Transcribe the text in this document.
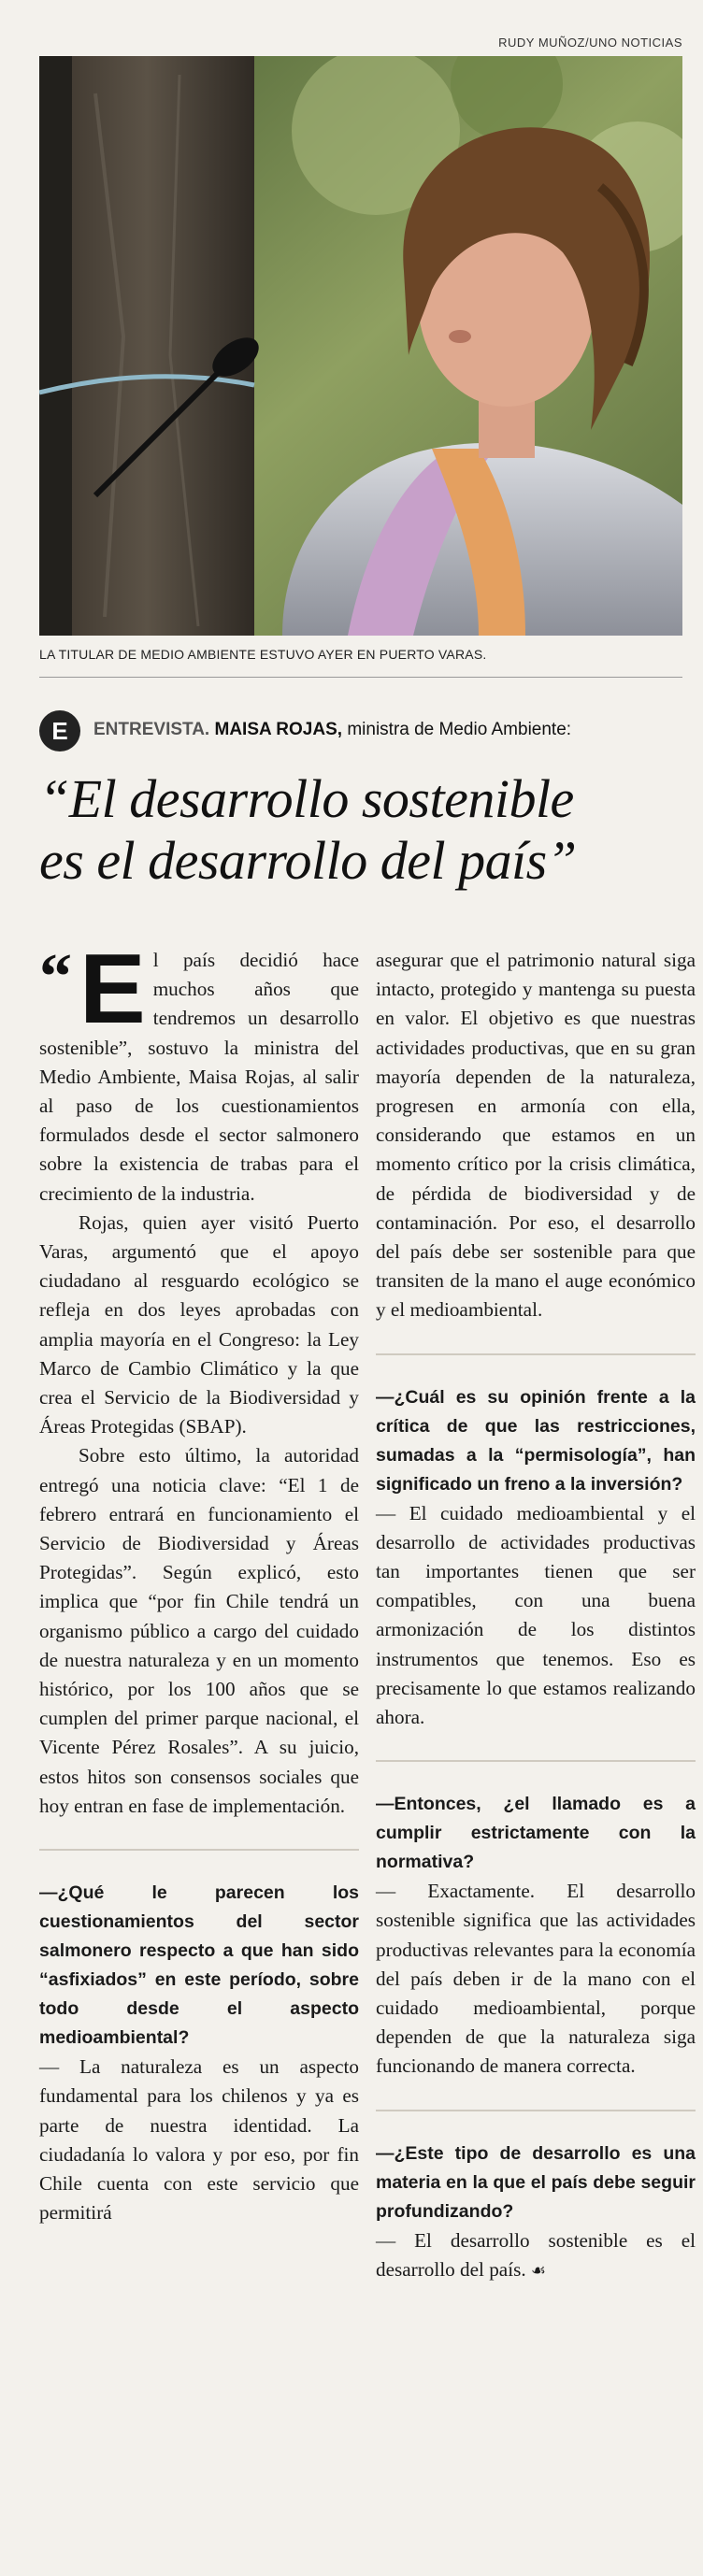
RUDY MUÑOZ/UNO NOTICIAS
LA TITULAR DE MEDIO AMBIENTE ESTUVO AYER EN PUERTO VARAS.
E	ENTREVISTA. MAISA ROJAS, ministra de Medio Ambiente:
“El desarrollo sostenible
es el desarrollo del país”

“ E l país decidió hace muchos años que tendremos un desarrollo sostenible”, sostuvo la ministra del Medio Ambiente, Maisa Rojas, al salir al paso de los cuestionamientos formulados desde el sector salmonero sobre la existencia de trabas para el crecimiento de la industria.

Rojas, quien ayer visitó Puerto Varas, argumentó que el apoyo ciudadano al resguardo ecológico se refleja en dos leyes aprobadas con amplia mayoría en el Congreso: la Ley Marco de Cambio Climático y la que crea el Servicio de la Biodiversidad y Áreas Protegidas (SBAP).

Sobre esto último, la autoridad entregó una noticia clave: “El 1 de febrero entrará en funcionamiento el Servicio de Biodiversidad y Áreas Protegidas”. Según explicó, esto implica que “por fin Chile tendrá un organismo público a cargo del cuidado de nuestra naturaleza y en un momento histórico, por los 100 años que se cumplen del primer parque nacional, el Vicente Pérez Rosales”. A su juicio, estos hitos son consensos sociales que hoy entran en fase de implementación.

—¿Qué le parecen los cuestionamientos del sector salmonero respecto a que han sido “asfixiados” en este período, sobre todo desde el aspecto medioambiental?

— La naturaleza es un aspecto fundamental para los chilenos y ya es parte de nuestra identidad. La ciudadanía lo valora y por eso, por fin Chile cuenta con este servicio que permitirá

asegurar que el patrimonio natural siga intacto, protegido y mantenga su puesta en valor. El objetivo es que nuestras actividades productivas, que en su gran mayoría dependen de la naturaleza, progresen en armonía con ella, considerando que estamos en un momento crítico por la crisis climática, de pérdida de biodiversidad y de contaminación. Por eso, el desarrollo del país debe ser sostenible para que transiten de la mano el auge económico y el medioambiental.

—¿Cuál es su opinión frente a la crítica de que las restricciones, sumadas a la “permisología”, han significado un freno a la inversión?

— El cuidado medioambiental y el desarrollo de actividades productivas tan importantes tienen que ser compatibles, con una buena armonización de los distintos instrumentos que tenemos. Eso es precisamente lo que estamos realizando ahora.

—Entonces, ¿el llamado es a cumplir estrictamente con la normativa?

— Exactamente. El desarrollo sostenible significa que las actividades productivas relevantes para la economía del país deben ir de la mano con el cuidado medioambiental, porque dependen de que la naturaleza siga funcionando de manera correcta.

—¿Este tipo de desarrollo es una materia en la que el país debe seguir profundizando?

— El desarrollo sostenible es el desarrollo del país. ☙
